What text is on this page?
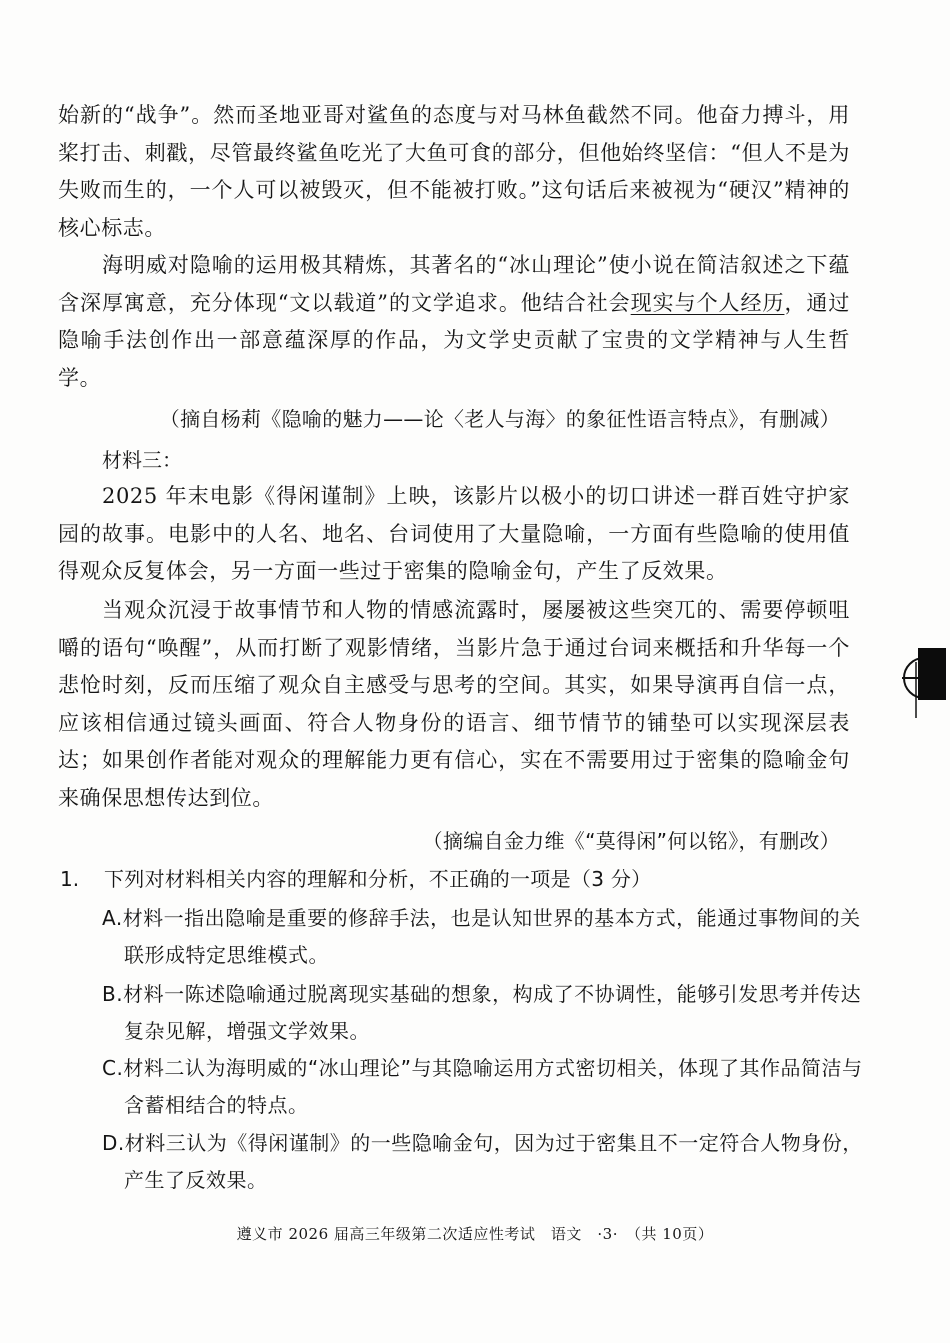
始新的“战争”。然而圣地亚哥对鲨鱼的态度与对马林鱼截然不同。他奋力搏斗，用桨打击、刺戳，尽管最终鲨鱼吃光了大鱼可食的部分，但他始终坚信：“但人不是为失败而生的，一个人可以被毁灭，但不能被打败。”这句话后来被视为“硬汉”精神的核心标志。

海明威对隐喻的运用极其精炼，其著名的“冰山理论”使小说在简洁叙述之下蕴含深厚寓意，充分体现“文以载道”的文学追求。他结合社会现实与个人经历，通过隐喻手法创作出一部意蕴深厚的作品，为文学史贡献了宝贵的文学精神与人生哲学。

（摘自杨莉《隐喻的魅力——论〈老人与海〉的象征性语言特点》，有删减）
材料三：

2025 年末电影《得闲谨制》上映，该影片以极小的切口讲述一群百姓守护家园的故事。电影中的人名、地名、台词使用了大量隐喻，一方面有些隐喻的使用值得观众反复体会，另一方面一些过于密集的隐喻金句，产生了反效果。

当观众沉浸于故事情节和人物的情感流露时，屡屡被这些突兀的、需要停顿咀嚼的语句“唤醒”，从而打断了观影情绪，当影片急于通过台词来概括和升华每一个悲怆时刻，反而压缩了观众自主感受与思考的空间。其实，如果导演再自信一点，应该相信通过镜头画面、符合人物身份的语言、细节情节的铺垫可以实现深层表达；如果创作者能对观众的理解能力更有信心，实在不需要用过于密集的隐喻金句来确保思想传达到位。

（摘编自金力维《“莫得闲”何以铭》，有删改）
1. 下列对材料相关内容的理解和分析，不正确的一项是（3 分）

A.材料一指出隐喻是重要的修辞手法，也是认知世界的基本方式，能通过事物间的关联形成特定思维模式。

B.材料一陈述隐喻通过脱离现实基础的想象，构成了不协调性，能够引发思考并传达复杂见解，增强文学效果。

C.材料二认为海明威的“冰山理论”与其隐喻运用方式密切相关，体现了其作品简洁与含蓄相结合的特点。

D.材料三认为《得闲谨制》的一些隐喻金句，因为过于密集且不一定符合人物身份，产生了反效果。

遵义市 2026 届高三年级第二次适应性考试　语文　·3·　（共 10页）
